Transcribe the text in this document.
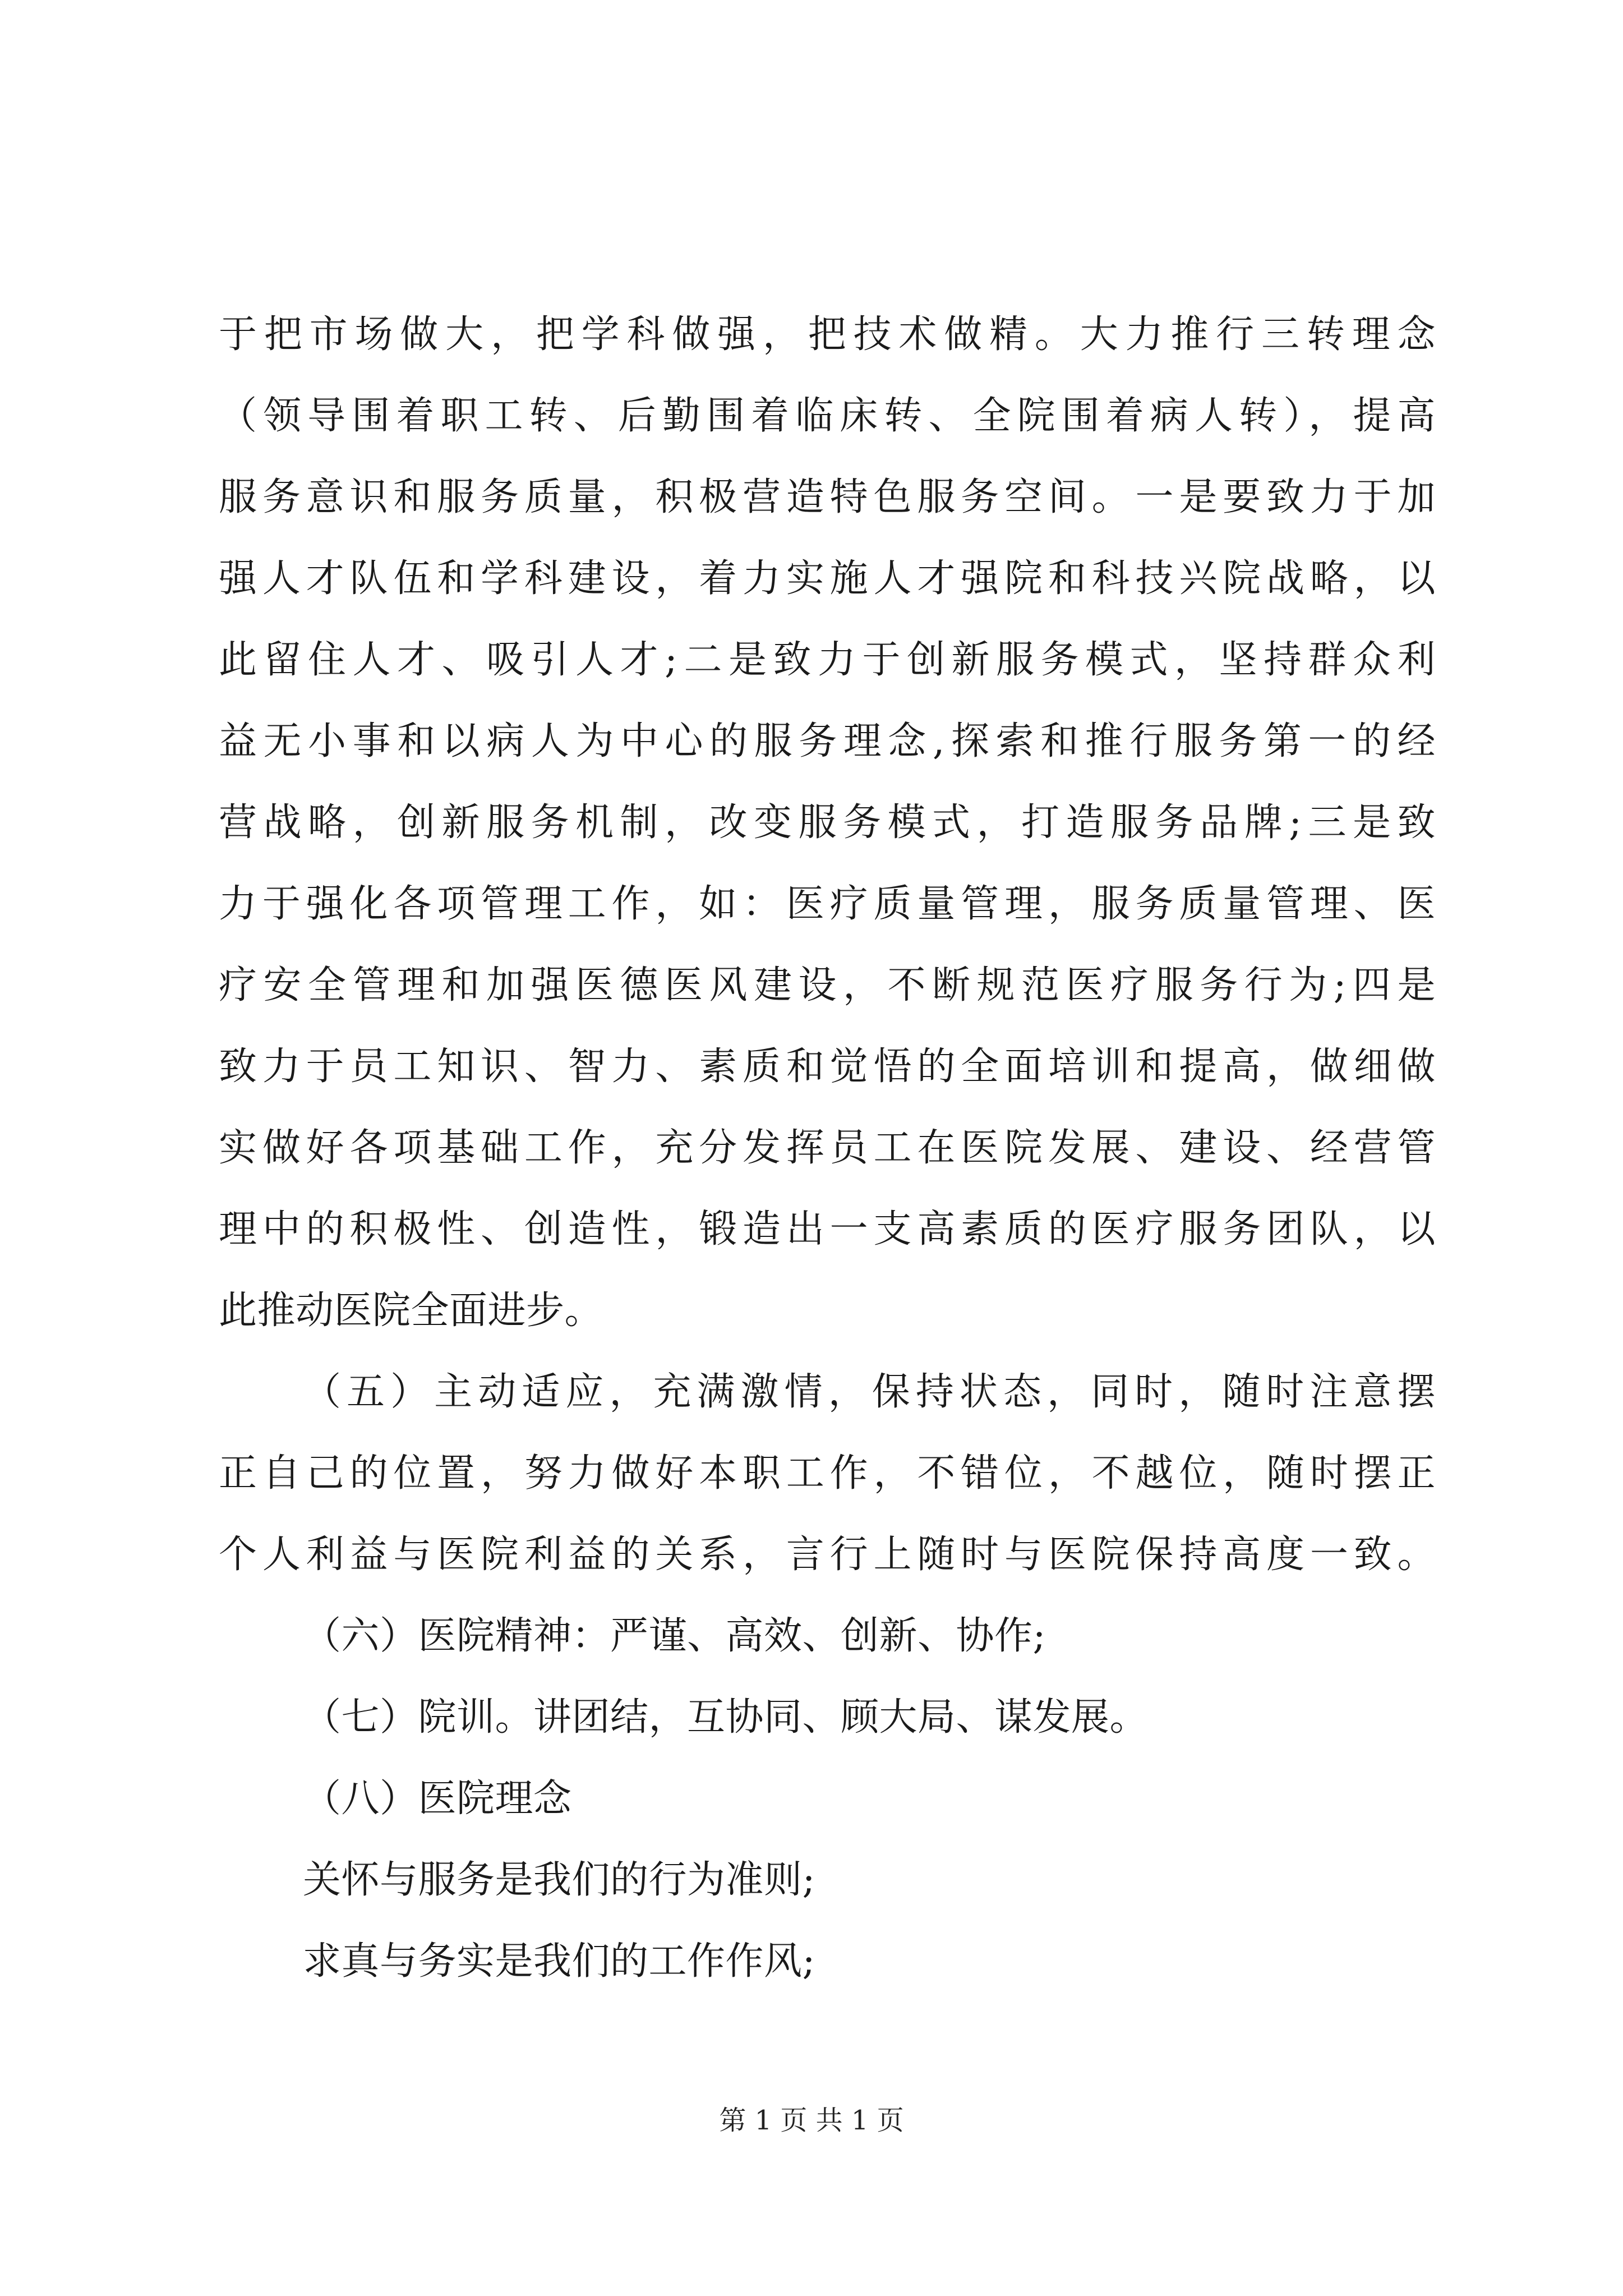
于把市场做大，把学科做强，把技术做精。大力推行三转理念
（领导围着职工转、后勤围着临床转、全院围着病人转），提高
服务意识和服务质量，积极营造特色服务空间。一是要致力于加
强人才队伍和学科建设，着力实施人才强院和科技兴院战略，以
此留住人才、吸引人才;二是致力于创新服务模式，坚持群众利
益无小事和以病人为中心的服务理念,探索和推行服务第一的经
营战略，创新服务机制，改变服务模式，打造服务品牌;三是致
力于强化各项管理工作，如：医疗质量管理，服务质量管理、医
疗安全管理和加强医德医风建设，不断规范医疗服务行为;四是
致力于员工知识、智力、素质和觉悟的全面培训和提高，做细做
实做好各项基础工作，充分发挥员工在医院发展、建设、经营管
理中的积极性、创造性，锻造出一支高素质的医疗服务团队，以
此推动医院全面进步。
（五）主动适应，充满激情，保持状态，同时，随时注意摆
正自己的位置，努力做好本职工作，不错位，不越位，随时摆正
个人利益与医院利益的关系，言行上随时与医院保持高度一致。
（六）医院精神：严谨、高效、创新、协作;
（七）院训。讲团结，互协同、顾大局、谋发展。
（八）医院理念
关怀与服务是我们的行为准则;
求真与务实是我们的工作作风;
第 1 页 共 1 页
